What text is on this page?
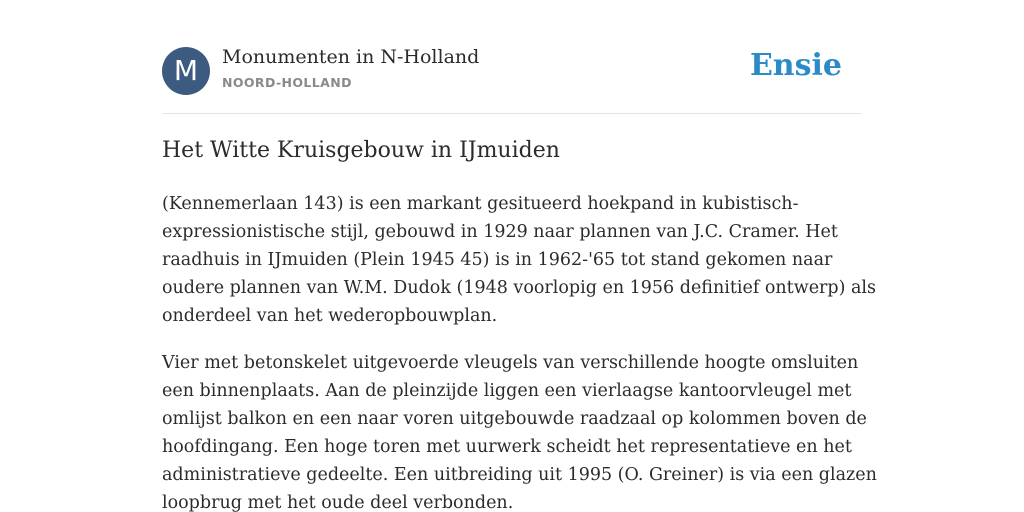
M	Monumenten in N-Holland
NOORD-HOLLAND	Ensie
Het Witte Kruisgebouw in IJmuiden

(Kennemerlaan 143) is een markant gesitueerd hoekpand in kubistisch-
expressionistische stijl, gebouwd in 1929 naar plannen van J.C. Cramer. Het
raadhuis in IJmuiden (Plein 1945 45) is in 1962-'65 tot stand gekomen naar
oudere plannen van W.M. Dudok (1948 voorlopig en 1956 definitief ontwerp) als
onderdeel van het wederopbouwplan.

Vier met betonskelet uitgevoerde vleugels van verschillende hoogte omsluiten
een binnenplaats. Aan de pleinzijde liggen een vierlaagse kantoorvleugel met
omlijst balkon en een naar voren uitgebouwde raadzaal op kolommen boven de
hoofdingang. Een hoge toren met uurwerk scheidt het representatieve en het
administratieve gedeelte. Een uitbreiding uit 1995 (O. Greiner) is via een glazen
loopbrug met het oude deel verbonden.
